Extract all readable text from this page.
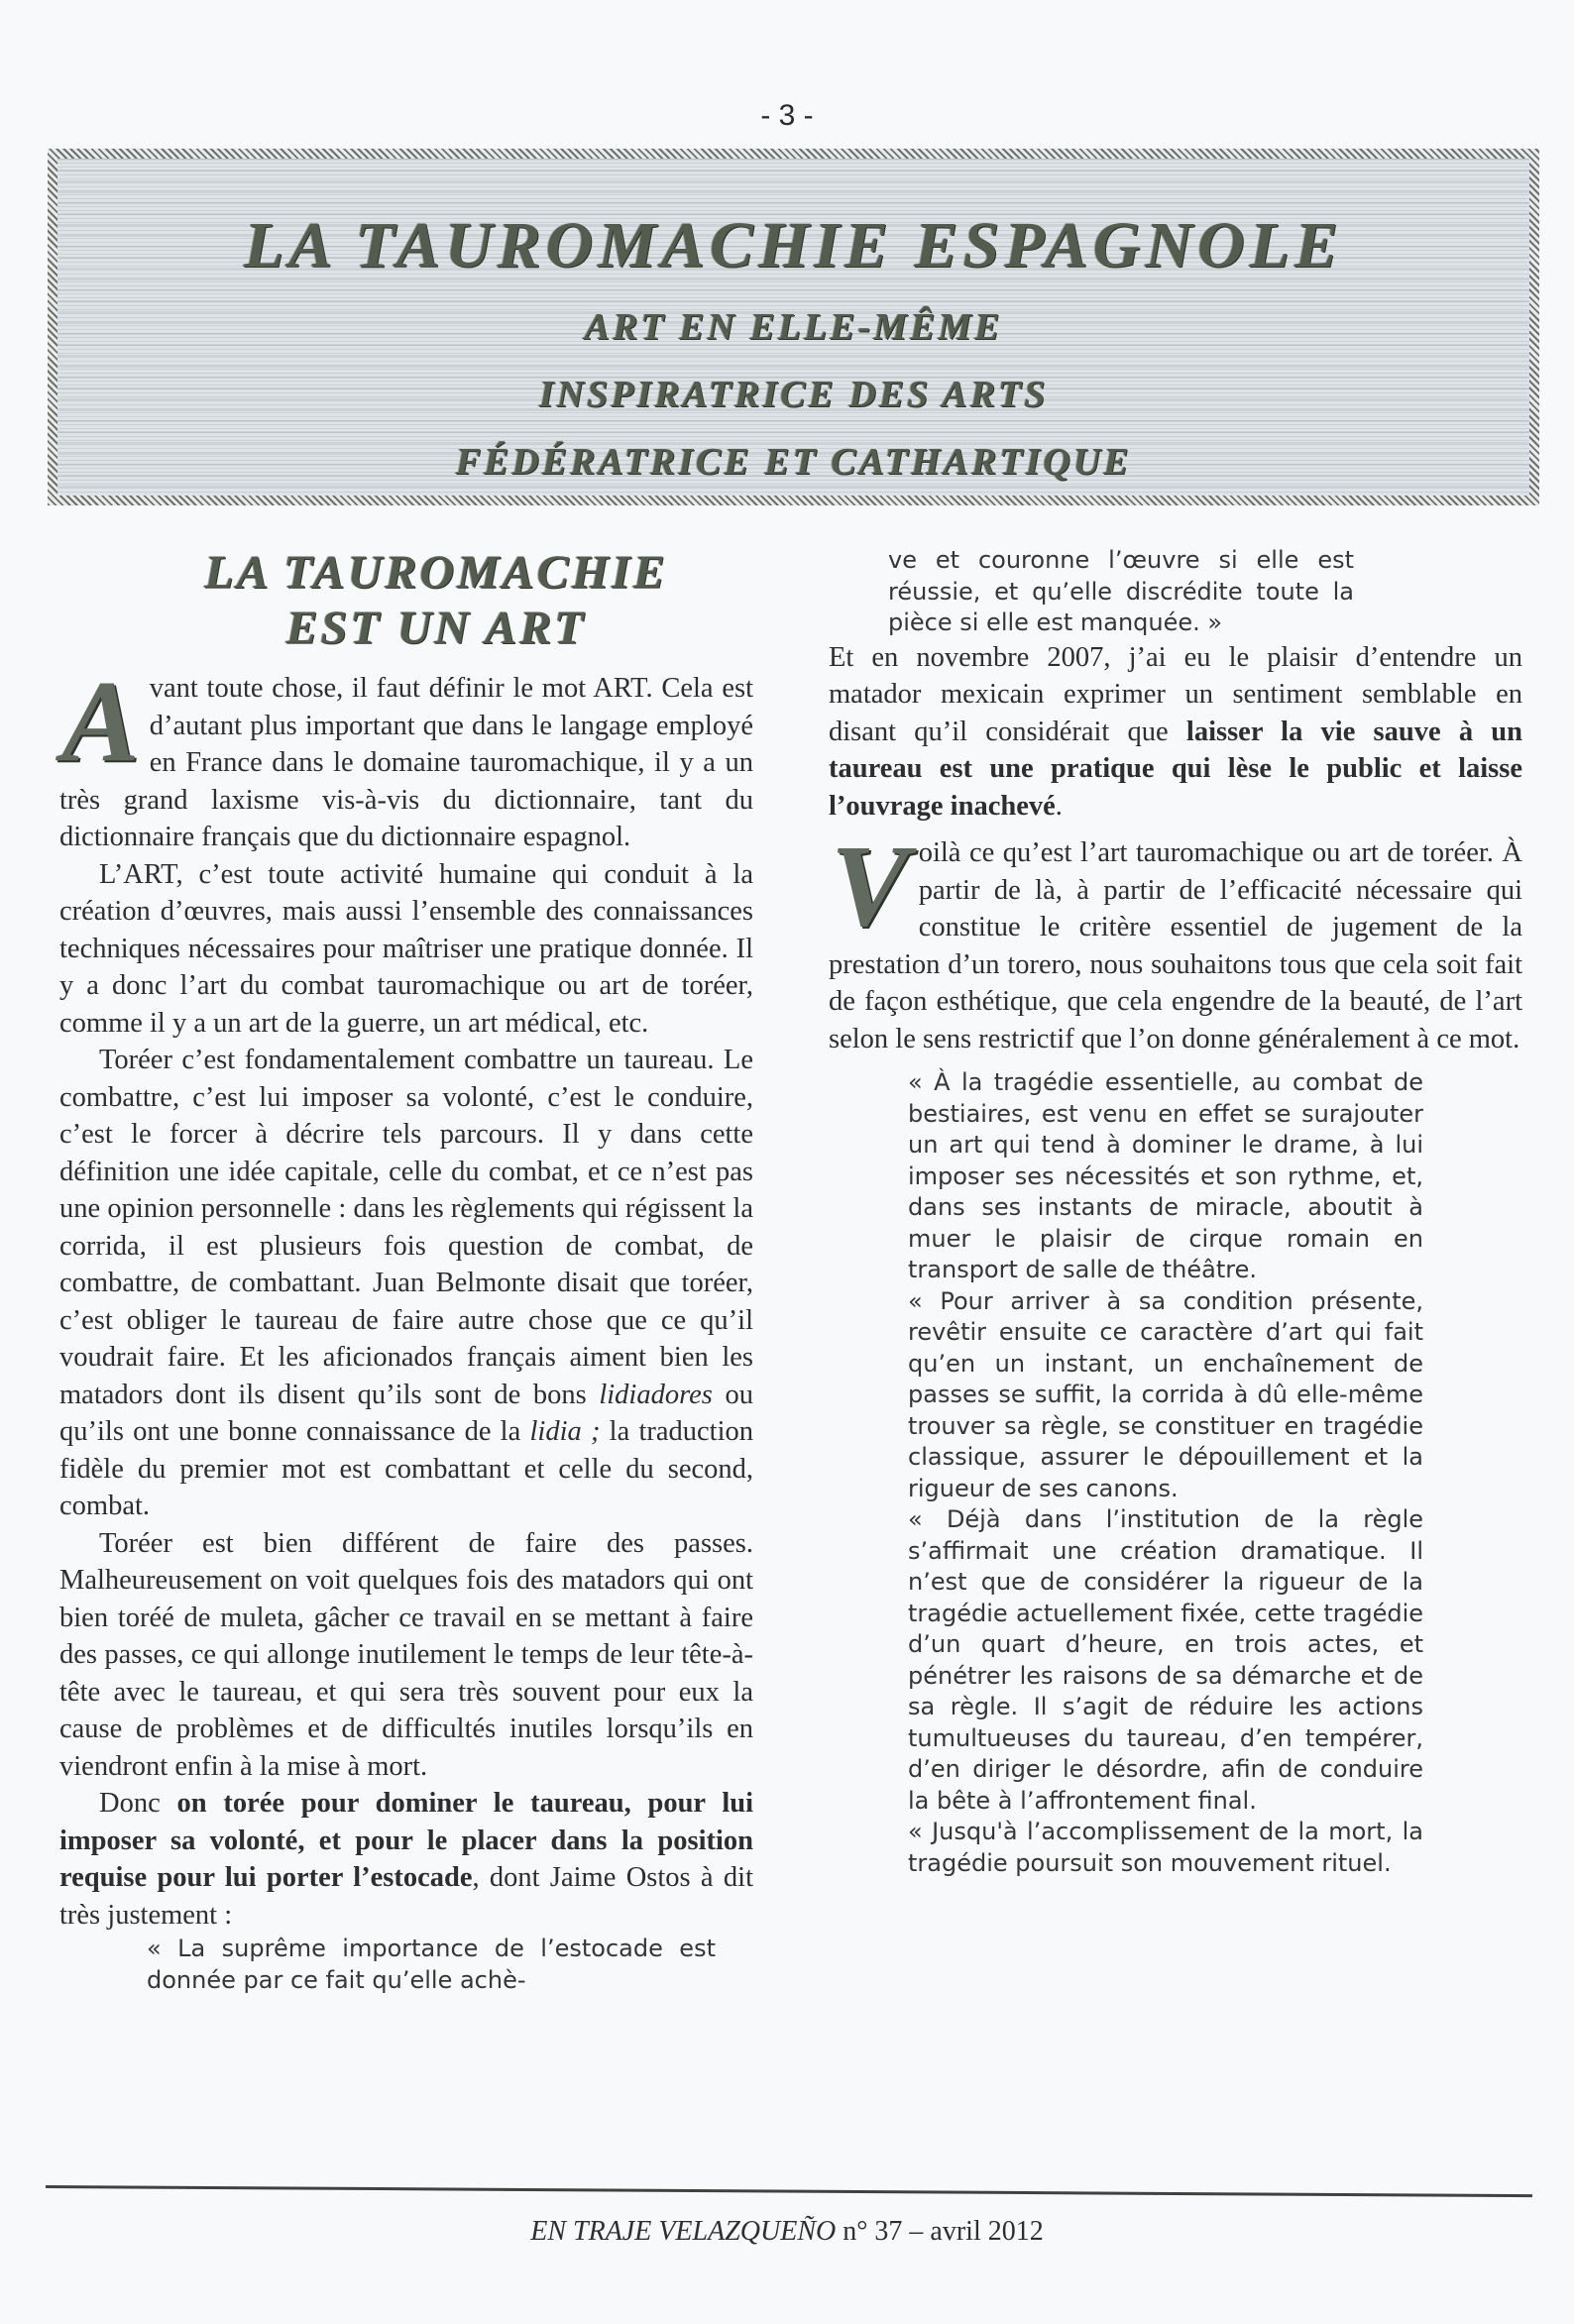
- 3 -
LA TAUROMACHIE ESPAGNOLE
ART EN ELLE-MÊME
INSPIRATRICE DES ARTS
FÉDÉRATRICE ET CATHARTIQUE
LA TAUROMACHIE
EST UN ART

Avant toute chose, il faut définir le mot ART. Cela est d’autant plus important que dans le langage employé en France dans le domaine tauromachique, il y a un très grand laxisme vis-à-vis du dictionnaire, tant du dictionnaire français que du dictionnaire espagnol.

L’ART, c’est toute activité humaine qui conduit à la création d’œuvres, mais aussi l’ensemble des connaissances techniques nécessaires pour maîtriser une pratique donnée. Il y a donc l’art du combat tauromachique ou art de toréer, comme il y a un art de la guerre, un art médical, etc.

Toréer c’est fondamentalement combattre un taureau. Le combattre, c’est lui imposer sa volonté, c’est le conduire, c’est le forcer à décrire tels parcours. Il y dans cette définition une idée capitale, celle du combat, et ce n’est pas une opinion personnelle : dans les règlements qui régissent la corrida, il est plusieurs fois question de combat, de combattre, de combattant. Juan Belmonte disait que toréer, c’est obliger le taureau de faire autre chose que ce qu’il voudrait faire. Et les aficionados français aiment bien les matadors dont ils disent qu’ils sont de bons lidiadores ou qu’ils ont une bonne connaissance de la lidia ; la traduction fidèle du premier mot est combattant et celle du second, combat.

Toréer est bien différent de faire des passes. Malheureusement on voit quelques fois des matadors qui ont bien toréé de muleta, gâcher ce travail en se mettant à faire des passes, ce qui allonge inutilement le temps de leur tête-à-tête avec le taureau, et qui sera très souvent pour eux la cause de problèmes et de difficultés inutiles lorsqu’ils en viendront enfin à la mise à mort.

Donc on torée pour dominer le taureau, pour lui imposer sa volonté, et pour le placer dans la position requise pour lui porter l’estocade, dont Jaime Ostos à dit très justement :

« La suprême importance de l’estocade est donnée par ce fait qu’elle achè-

ve et couronne l’œuvre si elle est réussie, et qu’elle discrédite toute la pièce si elle est manquée. »

Et en novembre 2007, j’ai eu le plaisir d’entendre un matador mexicain exprimer un sentiment semblable en disant qu’il considérait que laisser la vie sauve à un taureau est une pratique qui lèse le public et laisse l’ouvrage inachevé.

Voilà ce qu’est l’art tauromachique ou art de toréer. À partir de là, à partir de l’efficacité nécessaire qui constitue le critère essentiel de jugement de la prestation d’un torero, nous souhaitons tous que cela soit fait de façon esthétique, que cela engendre de la beauté, de l’art selon le sens restrictif que l’on donne généralement à ce mot.

« À la tragédie essentielle, au combat de bestiaires, est venu en effet se surajouter un art qui tend à dominer le drame, à lui imposer ses nécessités et son rythme, et, dans ses instants de miracle, aboutit à muer le plaisir de cirque romain en transport de salle de théâtre.

« Pour arriver à sa condition présente, revêtir ensuite ce caractère d’art qui fait qu’en un instant, un enchaînement de passes se suffit, la corrida à dû elle-même trouver sa règle, se constituer en tragédie classique, assurer le dépouillement et la rigueur de ses canons.

« Déjà dans l’institution de la règle s’affirmait une création dramatique. Il n’est que de considérer la rigueur de la tragédie actuellement fixée, cette tragédie d’un quart d’heure, en trois actes, et pénétrer les raisons de sa démarche et de sa règle. Il s’agit de réduire les actions tumultueuses du taureau, d’en tempérer, d’en diriger le désordre, afin de conduire la bête à l’affrontement final.

« Jusqu'à l’accomplissement de la mort, la tragédie poursuit son mouvement rituel.

EN TRAJE VELAZQUEÑO n° 37 – avril 2012
